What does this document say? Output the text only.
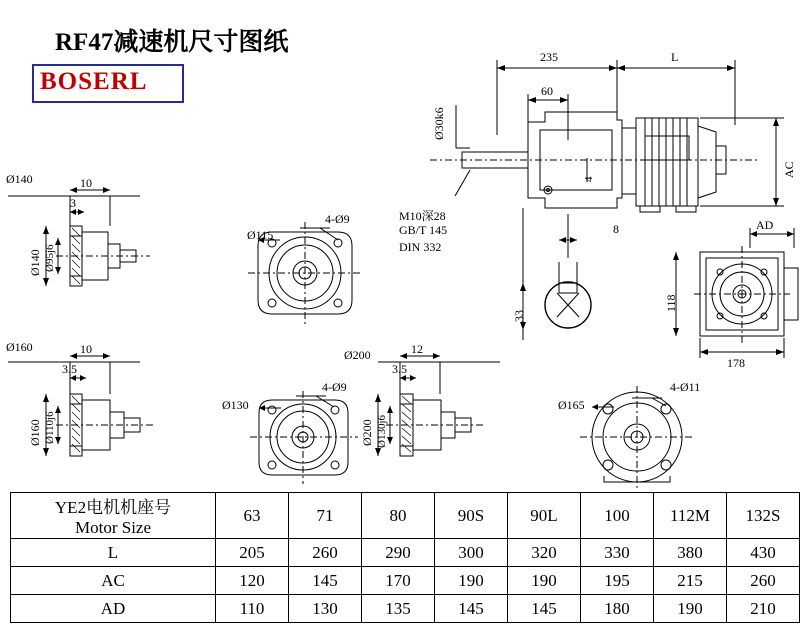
RF47减速机尺寸图纸
BOSERL
235	L
60
Ø30k6
M10深28
GB/T 145
DIN 332
8
33
4
AC
AD
118
178
Ø140	10
3
Ø140 Ø95j6
Ø115
4-Ø9
Ø160	10
3.5
Ø160 Ø110j6
Ø130
4-Ø9
Ø200	12
3.5
Ø200 Ø130j6
Ø165
4-Ø11
YE2电机机座号
Motor Size	63	71	80	90S	90L	100	112M	132S
L	205	260	290	300	320	330	380	430
AC	120	145	170	190	190	195	215	260
AD	110	130	135	145	145	180	190	210
